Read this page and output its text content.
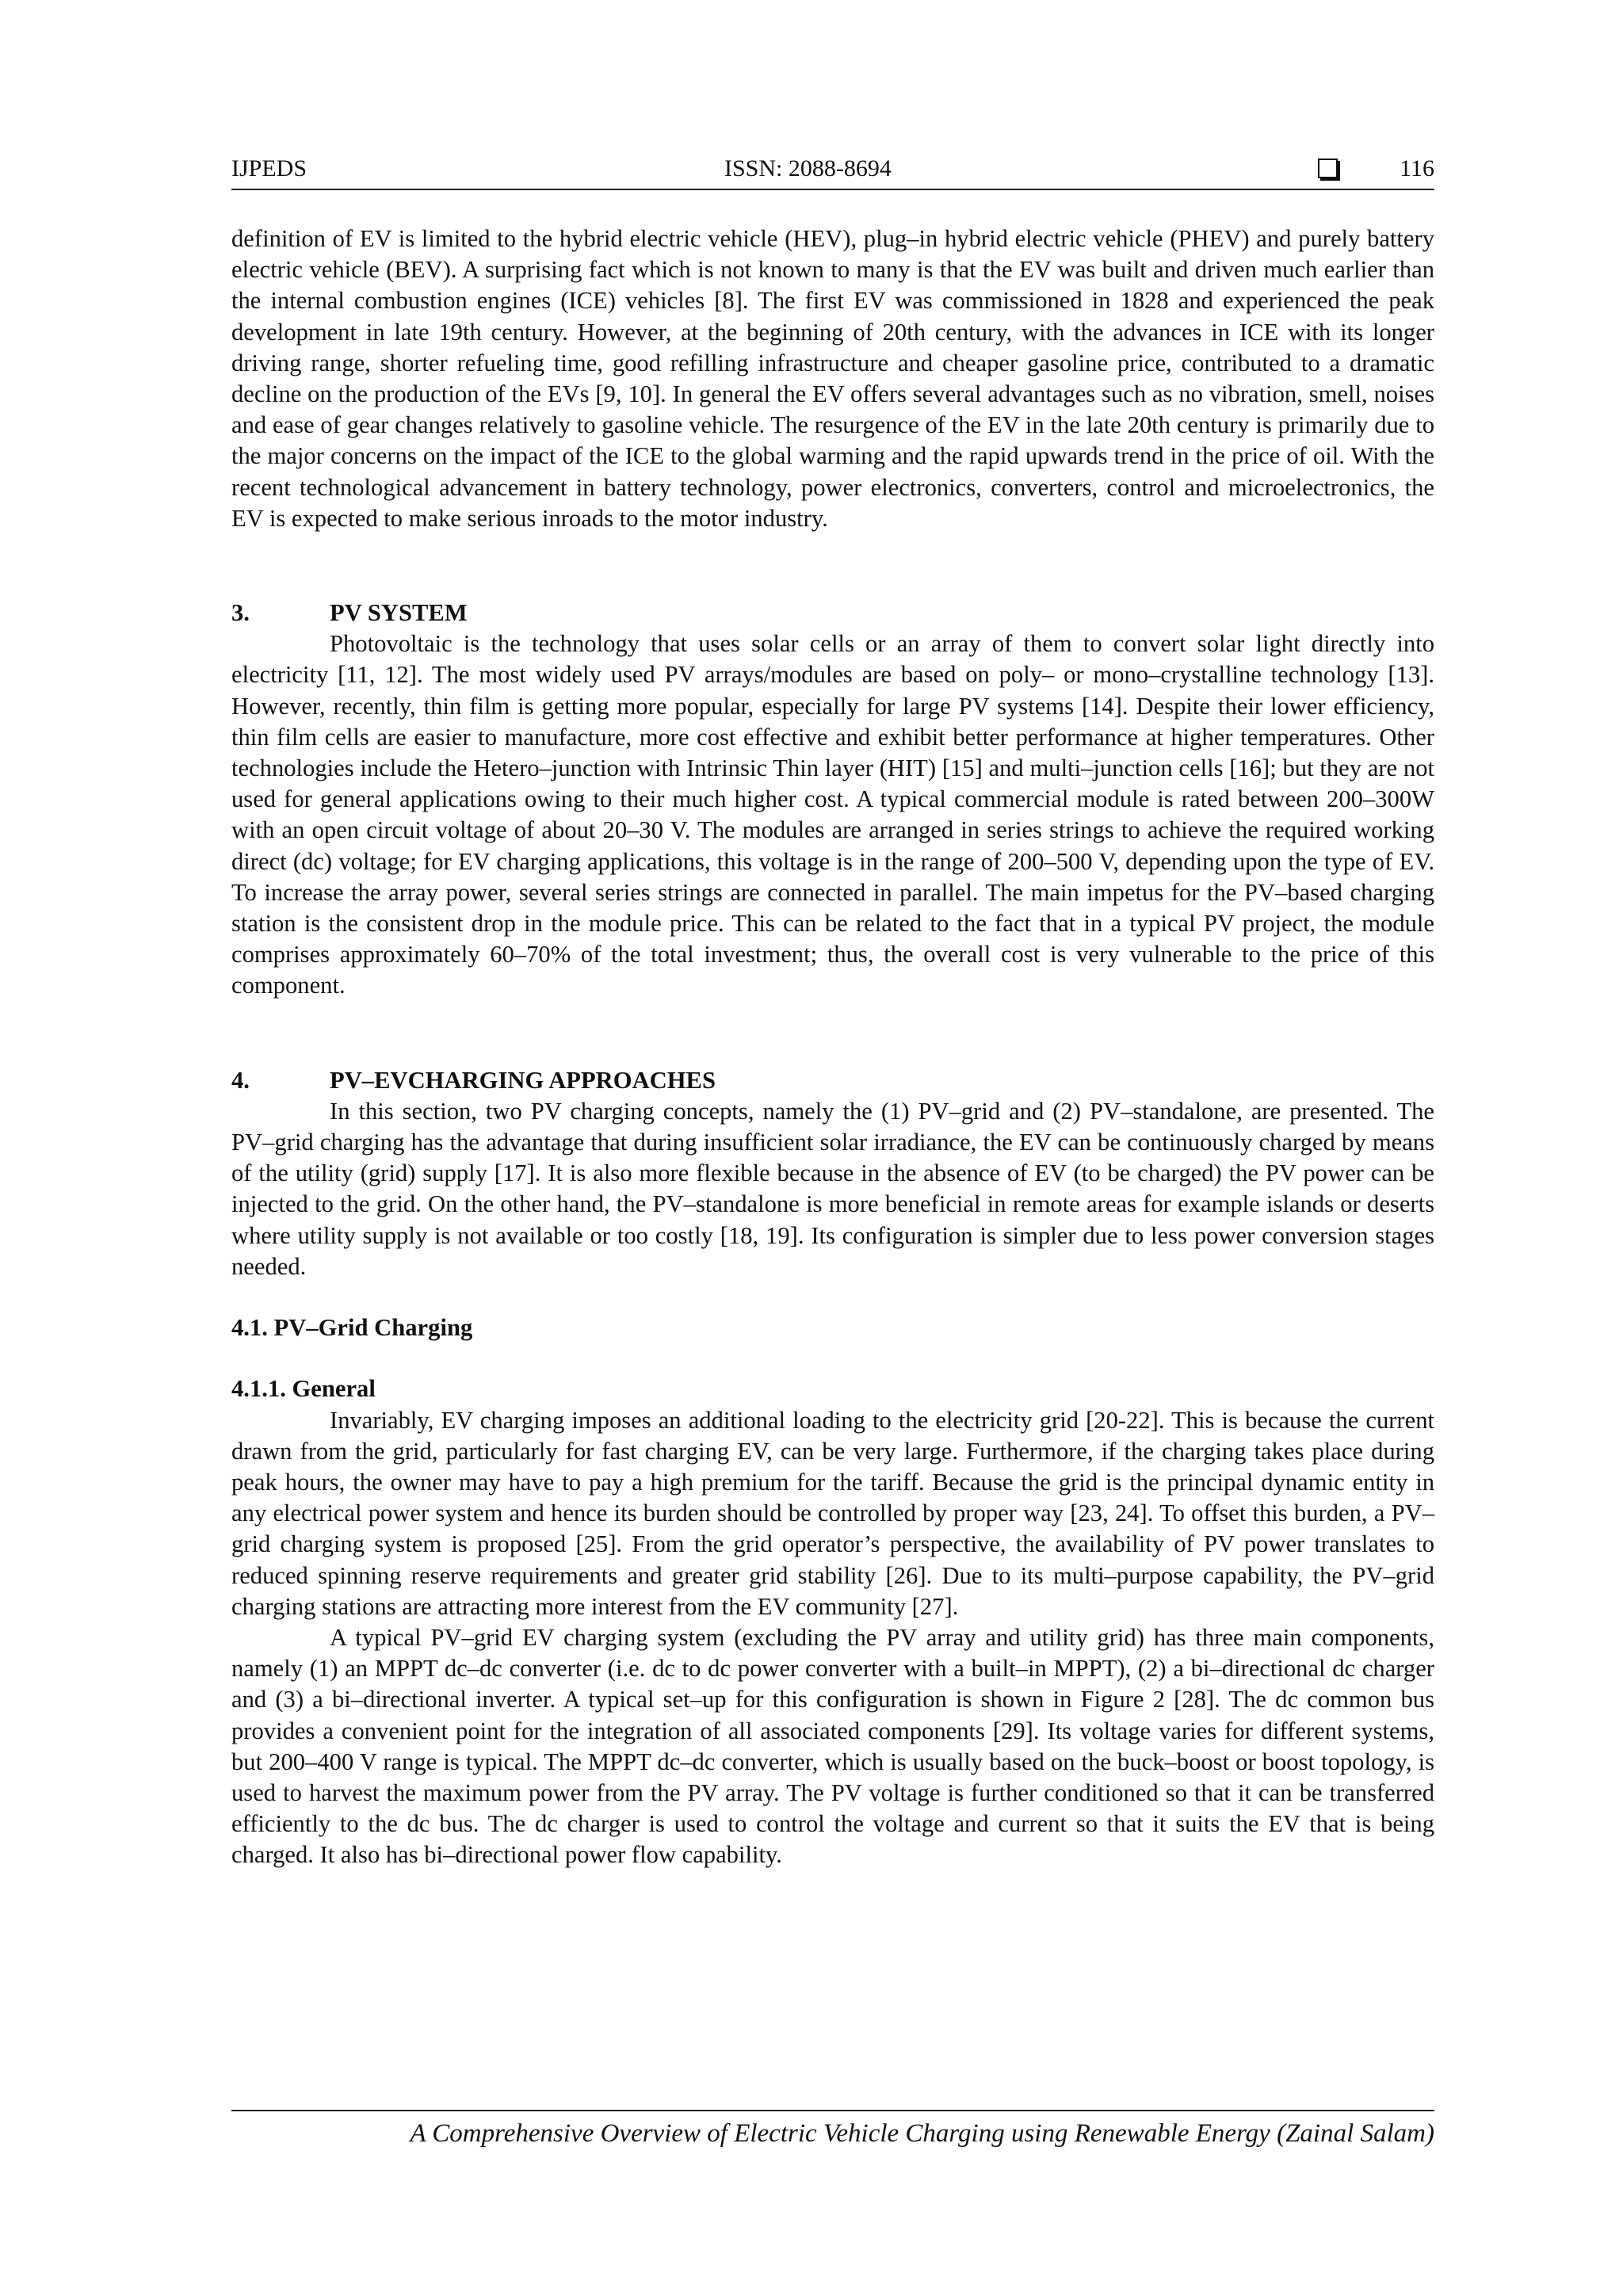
IJPEDS	ISSN: 2088-8694	116

definition of EV is limited to the hybrid electric vehicle (HEV), plug–in hybrid electric vehicle (PHEV) and purely battery electric vehicle (BEV). A surprising fact which is not known to many is that the EV was built and driven much earlier than the internal combustion engines (ICE) vehicles [8]. The first EV was commissioned in 1828 and experienced the peak development in late 19th century. However, at the beginning of 20th century, with the advances in ICE with its longer driving range, shorter refueling time, good refilling infrastructure and cheaper gasoline price, contributed to a dramatic decline on the production of the EVs [9, 10]. In general the EV offers several advantages such as no vibration, smell, noises and ease of gear changes relatively to gasoline vehicle. The resurgence of the EV in the late 20th century is primarily due to the major concerns on the impact of the ICE to the global warming and the rapid upwards trend in the price of oil. With the recent technological advancement in battery technology, power electronics, converters, control and microelectronics, the EV is expected to make serious inroads to the motor industry.

3.	PV SYSTEM

Photovoltaic is the technology that uses solar cells or an array of them to convert solar light directly into electricity [11, 12]. The most widely used PV arrays/modules are based on poly– or mono–crystalline technology [13]. However, recently, thin film is getting more popular, especially for large PV systems [14]. Despite their lower efficiency, thin film cells are easier to manufacture, more cost effective and exhibit better performance at higher temperatures. Other technologies include the Hetero–junction with Intrinsic Thin layer (HIT) [15] and multi–junction cells [16]; but they are not used for general applications owing to their much higher cost. A typical commercial module is rated between 200–300W with an open circuit voltage of about 20–30 V. The modules are arranged in series strings to achieve the required working direct (dc) voltage; for EV charging applications, this voltage is in the range of 200–500 V, depending upon the type of EV. To increase the array power, several series strings are connected in parallel. The main impetus for the PV–based charging station is the consistent drop in the module price. This can be related to the fact that in a typical PV project, the module comprises approximately 60–70% of the total investment; thus, the overall cost is very vulnerable to the price of this component.

4.	PV–EVCHARGING APPROACHES

In this section, two PV charging concepts, namely the (1) PV–grid and (2) PV–standalone, are presented. The PV–grid charging has the advantage that during insufficient solar irradiance, the EV can be continuously charged by means of the utility (grid) supply [17]. It is also more flexible because in the absence of EV (to be charged) the PV power can be injected to the grid. On the other hand, the PV–standalone is more beneficial in remote areas for example islands or deserts where utility supply is not available or too costly [18, 19]. Its configuration is simpler due to less power conversion stages needed.

4.1. PV–Grid Charging
4.1.1. General

Invariably, EV charging imposes an additional loading to the electricity grid [20-22]. This is because the current drawn from the grid, particularly for fast charging EV, can be very large. Furthermore, if the charging takes place during peak hours, the owner may have to pay a high premium for the tariff. Because the grid is the principal dynamic entity in any electrical power system and hence its burden should be controlled by proper way [23, 24]. To offset this burden, a PV–grid charging system is proposed [25]. From the grid operator’s perspective, the availability of PV power translates to reduced spinning reserve requirements and greater grid stability [26]. Due to its multi–purpose capability, the PV–grid charging stations are attracting more interest from the EV community [27].

A typical PV–grid EV charging system (excluding the PV array and utility grid) has three main components, namely (1) an MPPT dc–dc converter (i.e. dc to dc power converter with a built–in MPPT), (2) a bi–directional dc charger and (3) a bi–directional inverter. A typical set–up for this configuration is shown in Figure 2 [28]. The dc common bus provides a convenient point for the integration of all associated components [29]. Its voltage varies for different systems, but 200–400 V range is typical. The MPPT dc–dc converter, which is usually based on the buck–boost or boost topology, is used to harvest the maximum power from the PV array. The PV voltage is further conditioned so that it can be transferred efficiently to the dc bus. The dc charger is used to control the voltage and current so that it suits the EV that is being charged. It also has bi–directional power flow capability.

A Comprehensive Overview of Electric Vehicle Charging using Renewable Energy (Zainal Salam)
